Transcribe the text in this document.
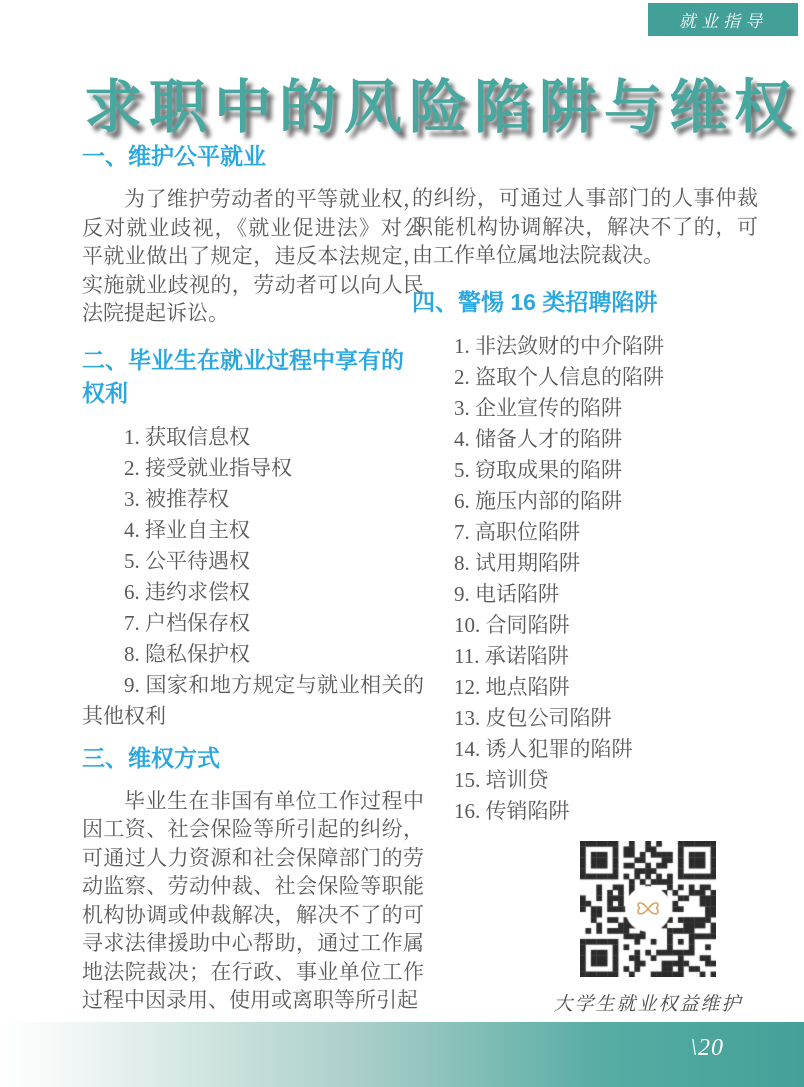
就业指导
求职中的风险陷阱与维权
一、维护公平就业

为了维护劳动者的平等就业权，反对就业歧视，《就业促进法》对公平就业做出了规定，违反本法规定，实施就业歧视的，劳动者可以向人民法院提起诉讼。

二、毕业生在就业过程中享有的权利
1. 获取信息权
2. 接受就业指导权
3. 被推荐权
4. 择业自主权
5. 公平待遇权
6. 违约求偿权
7. 户档保存权
8. 隐私保护权
9. 国家和地方规定与就业相关的其他权利
三、维权方式

毕业生在非国有单位工作过程中因工资、社会保险等所引起的纠纷，可通过人力资源和社会保障部门的劳动监察、劳动仲裁、社会保险等职能机构协调或仲裁解决，解决不了的可寻求法律援助中心帮助，通过工作属地法院裁决；在行政、事业单位工作过程中因录用、使用或离职等所引起

的纠纷，可通过人事部门的人事仲裁职能机构协调解决，解决不了的，可由工作单位属地法院裁决。

四、警惕 16 类招聘陷阱
1. 非法敛财的中介陷阱
2. 盗取个人信息的陷阱
3. 企业宣传的陷阱
4. 储备人才的陷阱
5. 窃取成果的陷阱
6. 施压内部的陷阱
7. 高职位陷阱
8. 试用期陷阱
9. 电话陷阱
10. 合同陷阱
11. 承诺陷阱
12. 地点陷阱
13. 皮包公司陷阱
14. 诱人犯罪的陷阱
15. 培训贷
16. 传销陷阱
大学生就业权益维护
\20
